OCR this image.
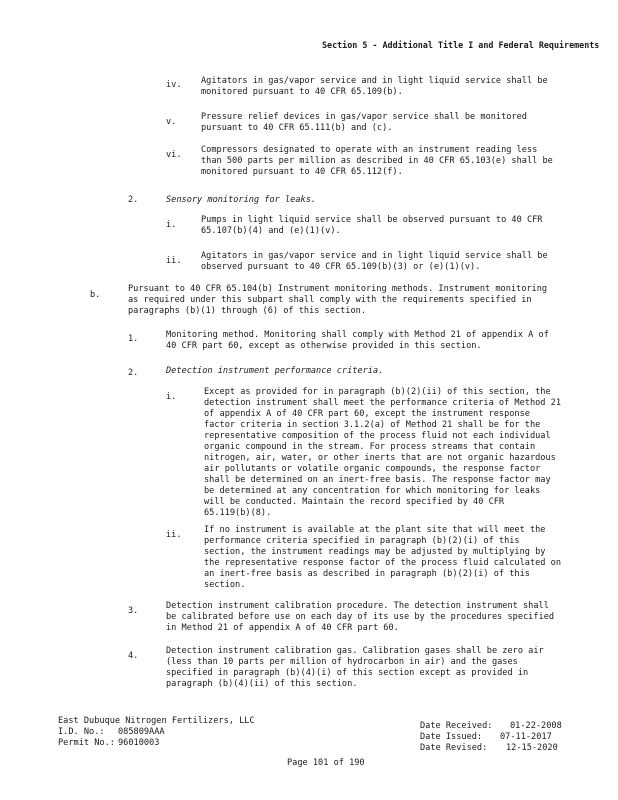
Section 5 - Additional Title I and Federal Requirements
iv. Agitators in gas/vapor service and in light liquid service shall be
monitored pursuant to 40 CFR 65.109(b).
v.	Pressure relief devices in gas/vapor service shall be monitored
pursuant to 40 CFR 65.111(b) and (c).
vi. Compressors designated to operate with an instrument reading less
than 500 parts per million as described in 40 CFR 65.103(e) shall be
monitored pursuant to 40 CFR 65.112(f).
2.	Sensory monitoring for leaks.
i.	Pumps in light liquid service shall be observed pursuant to 40 CFR
65.107(b)(4) and (e)(1)(v).
ii. Agitators in gas/vapor service and in light liquid service shall be
observed pursuant to 40 CFR 65.109(b)(3) or (e)(1)(v).
b.
Pursuant to 40 CFR 65.104(b) Instrument monitoring methods. Instrument monitoring
as required under this subpart shall comply with the requirements specified in
paragraphs (b)(1) through (6) of this section.
1.	Monitoring method. Monitoring shall comply with Method 21 of appendix A of
40 CFR part 60, except as otherwise provided in this section.
2.	Detection instrument performance criteria.
i.	Except as provided for in paragraph (b)(2)(ii) of this section, the
detection instrument shall meet the performance criteria of Method 21
of appendix A of 40 CFR part 60, except the instrument response
factor criteria in section 3.1.2(a) of Method 21 shall be for the
representative composition of the process fluid not each individual
organic compound in the stream. For process streams that contain
nitrogen, air, water, or other inerts that are not organic hazardous
air pollutants or volatile organic compounds, the response factor
shall be determined on an inert-free basis. The response factor may
be determined at any concentration for which monitoring for leaks
will be conducted. Maintain the record specified by 40 CFR
65.119(b)(8).
ii.	If no instrument is available at the plant site that will meet the
performance criteria specified in paragraph (b)(2)(i) of this
section, the instrument readings may be adjusted by multiplying by
the representative response factor of the process fluid calculated on
an inert-free basis as described in paragraph (b)(2)(i) of this
section.
3.	Detection instrument calibration procedure. The detection instrument shall
be calibrated before use on each day of its use by the procedures specified
in Method 21 of appendix A of 40 CFR part 60.
4.	Detection instrument calibration gas. Calibration gases shall be zero air
(less than 10 parts per million of hydrocarbon in air) and the gases
specified in paragraph (b)(4)(i) of this section except as provided in
paragraph (b)(4)(ii) of this section.
East Dubuque Nitrogen Fertilizers, LLC
I.D. No.: 085809AAA
Permit No.: 96010003
Date Received: 01-22-2008
Date Issued: 07-11-2017
Date Revised: 12-15-2020
Page 101 of 190
